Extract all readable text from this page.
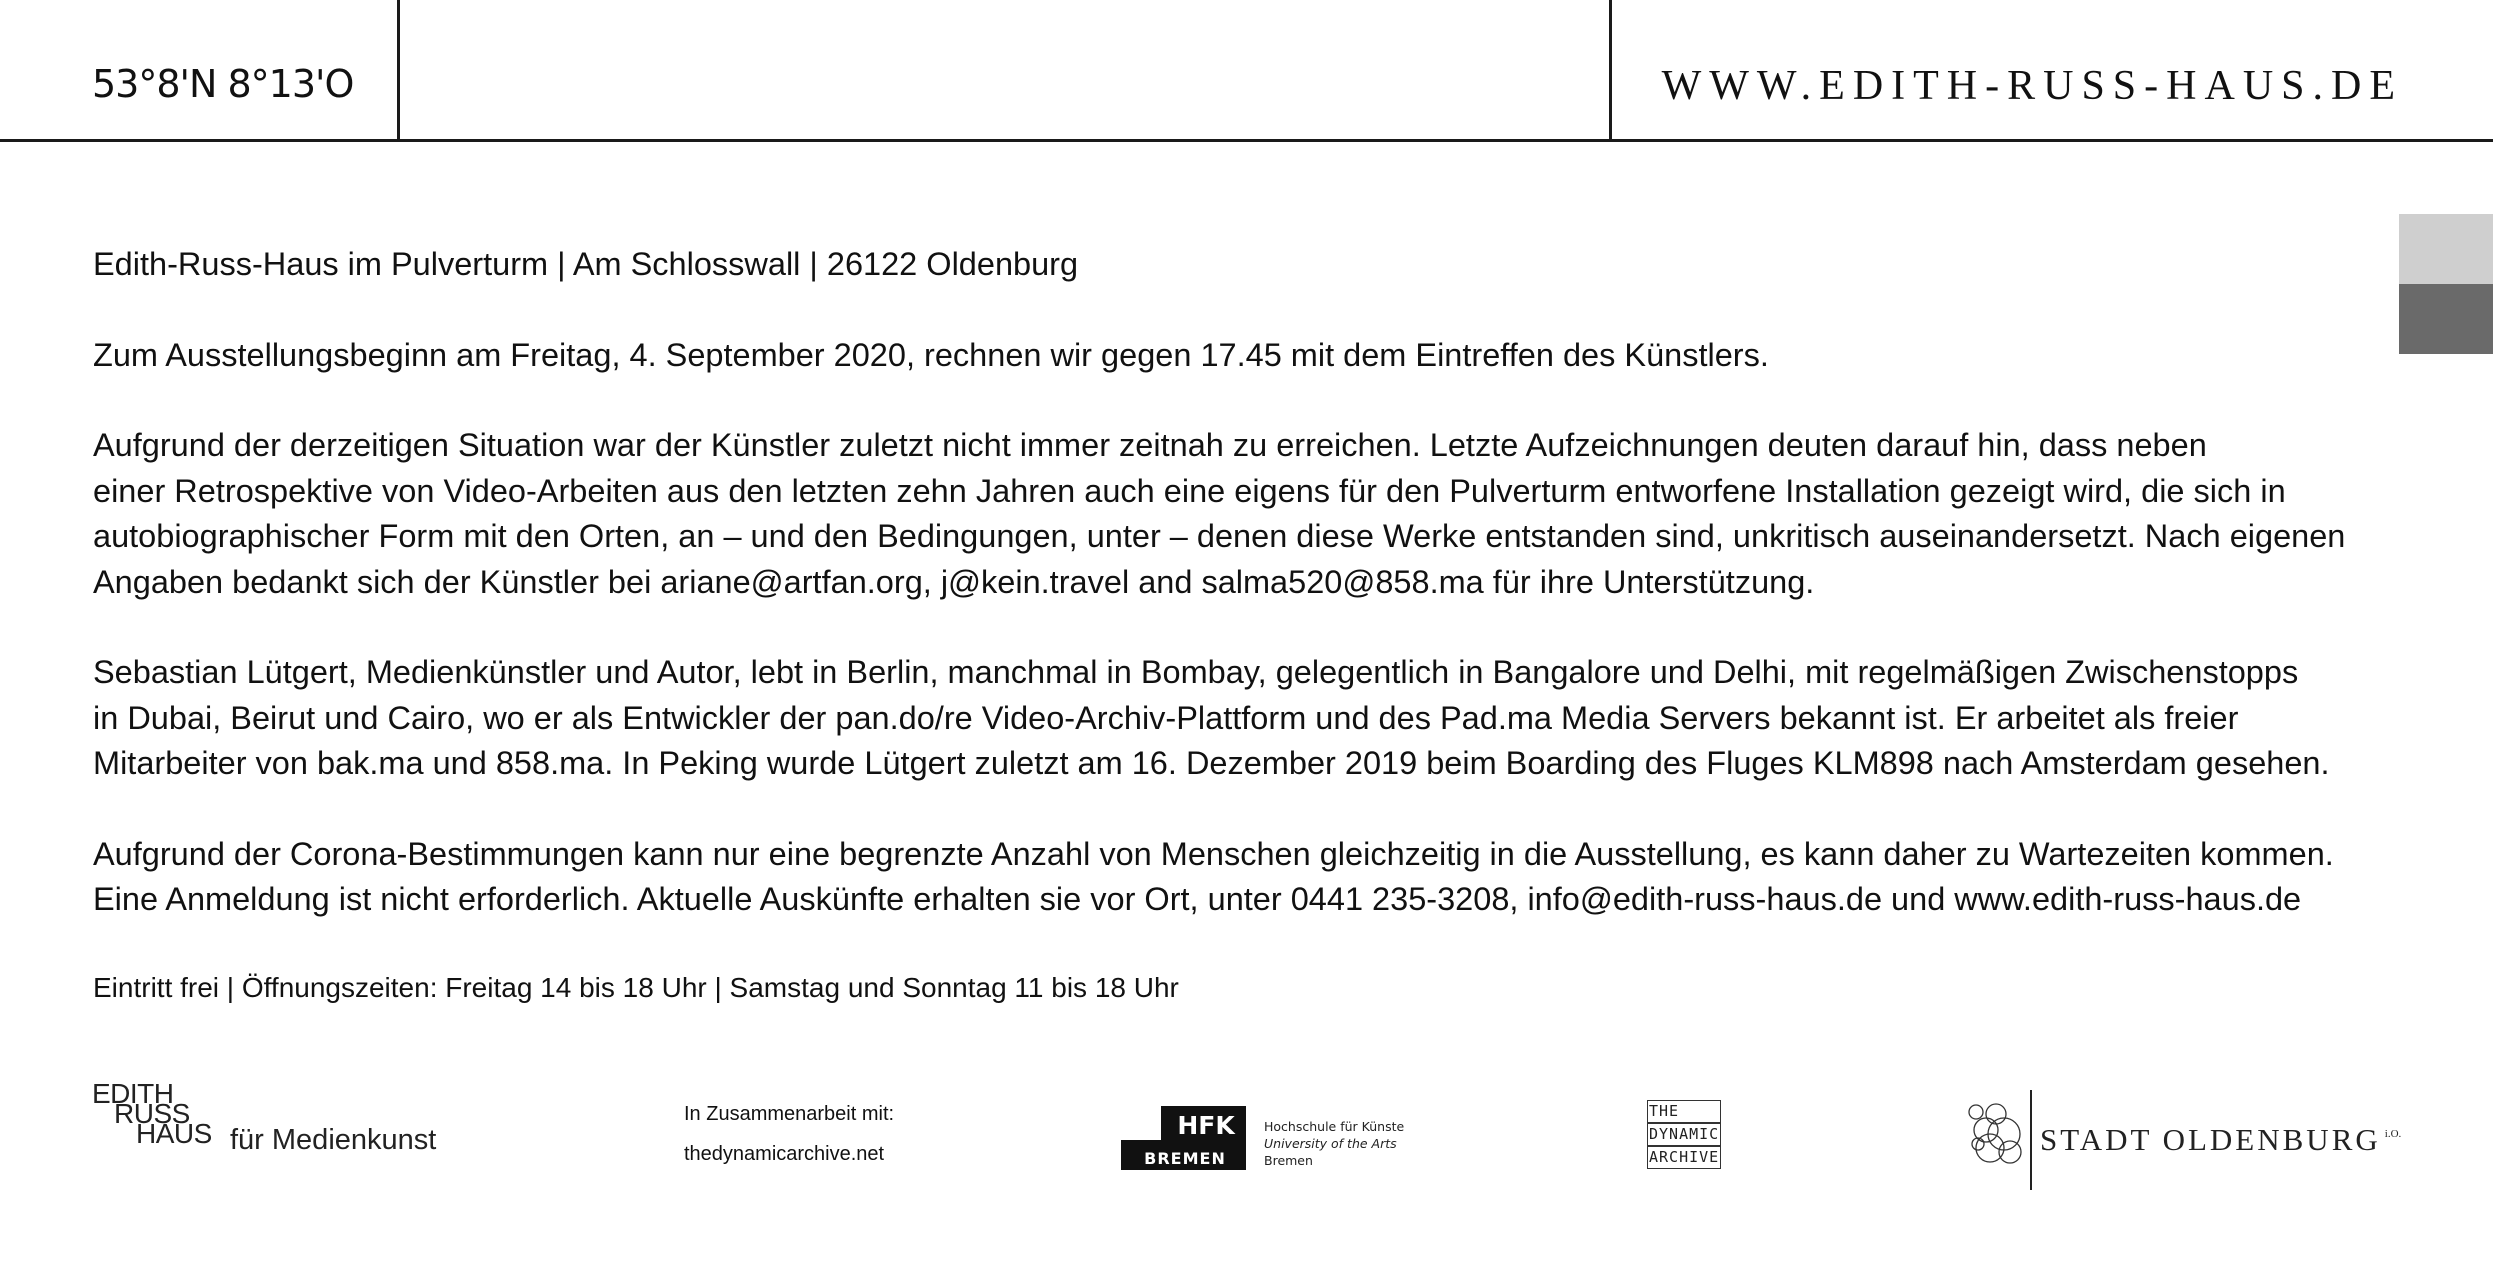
53°8'N 8°13'O	WWW.EDITH-RUSS-HAUS.DE

Edith-Russ-Haus im Pulverturm | Am Schlosswall | 26122 Oldenburg

Zum Ausstellungsbeginn am Freitag, 4. September 2020, rechnen wir gegen 17.45 mit dem Eintreffen des Künstlers.

Aufgrund der derzeitigen Situation war der Künstler zuletzt nicht immer zeitnah zu erreichen. Letzte Aufzeichnungen deuten darauf hin, dass neben
einer Retrospektive von Video-Arbeiten aus den letzten zehn Jahren auch eine eigens für den Pulverturm entworfene Installation gezeigt wird, die sich in
autobiographischer Form mit den Orten, an – und den Bedingungen, unter – denen diese Werke entstanden sind, unkritisch auseinandersetzt. Nach eigenen
Angaben bedankt sich der Künstler bei ariane@artfan.org, j@kein.travel and salma520@858.ma für ihre Unterstützung.

Sebastian Lütgert, Medienkünstler und Autor, lebt in Berlin, manchmal in Bombay, gelegentlich in Bangalore und Delhi, mit regelmäßigen Zwischenstopps
in Dubai, Beirut und Cairo, wo er als Entwickler der pan.do/re Video-Archiv-Plattform und des Pad.ma Media Servers bekannt ist. Er arbeitet als freier
Mitarbeiter von bak.ma und 858.ma. In Peking wurde Lütgert zuletzt am 16. Dezember 2019 beim Boarding des Fluges KLM898 nach Amsterdam gesehen.

Aufgrund der Corona-Bestimmungen kann nur eine begrenzte Anzahl von Menschen gleichzeitig in die Ausstellung, es kann daher zu Wartezeiten kommen.
Eine Anmeldung ist nicht erforderlich. Aktuelle Auskünfte erhalten sie vor Ort, unter 0441 235-3208, info@edith-russ-haus.de und www.edith-russ-haus.de

Eintritt frei | Öffnungszeiten: Freitag 14 bis 18 Uhr | Samstag und Sonntag 11 bis 18 Uhr

EDITH
RUSS
HAUS für Medienkunst
In Zusammenarbeit mit:
thedynamicarchive.net
HFK
BREMEN
Hochschule für Künste
University of the Arts
Bremen
THE
DYNAMIC
ARCHIVE	STADT OLDENBURG $^{i.O.}$
